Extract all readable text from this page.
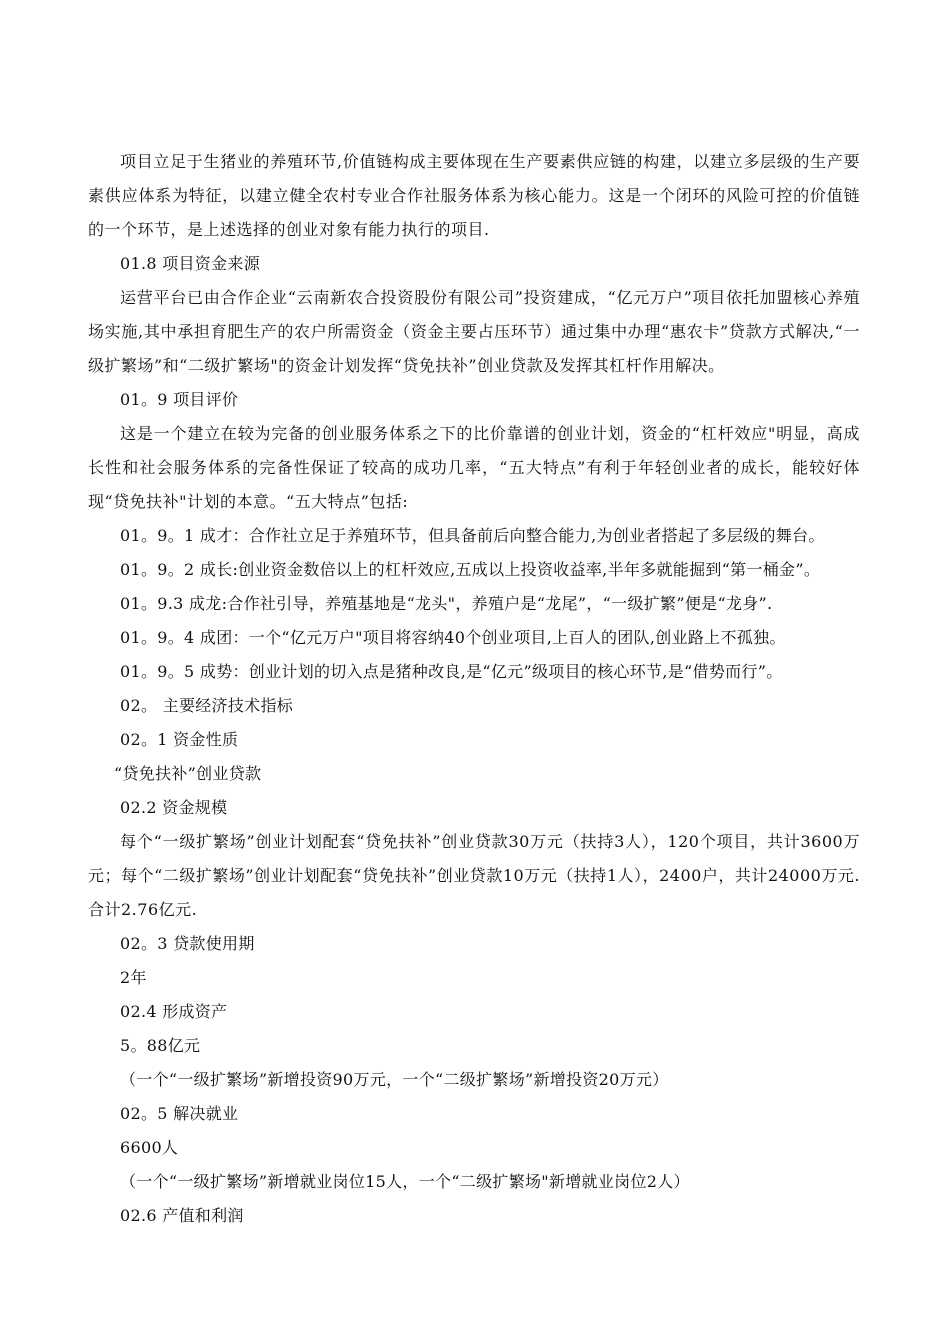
项目立足于生猪业的养殖环节,价值链构成主要体现在生产要素供应链的构建，以建立多层级的生产要素供应体系为特征，以建立健全农村专业合作社服务体系为核心能力。这是一个闭环的风险可控的价值链的一个环节，是上述选择的创业对象有能力执行的项目.

01.8 项目资金来源

运营平台已由合作企业“云南新农合投资股份有限公司”投资建成，“亿元万户”项目依托加盟核心养殖场实施,其中承担育肥生产的农户所需资金（资金主要占压环节）通过集中办理“惠农卡”贷款方式解决,“一级扩繁场”和“二级扩繁场"的资金计划发挥“贷免扶补”创业贷款及发挥其杠杆作用解决。

01。9 项目评价

这是一个建立在较为完备的创业服务体系之下的比价靠谱的创业计划，资金的“杠杆效应"明显，高成长性和社会服务体系的完备性保证了较高的成功几率，“五大特点”有利于年轻创业者的成长，能较好体现“贷免扶补"计划的本意。“五大特点”包括:

01。9。1 成才：合作社立足于养殖环节，但具备前后向整合能力,为创业者搭起了多层级的舞台。

01。9。2 成长:创业资金数倍以上的杠杆效应,五成以上投资收益率,半年多就能掘到“第一桶金”。

01。9.3 成龙:合作社引导，养殖基地是“龙头"，养殖户是“龙尾”，“一级扩繁”便是“龙身”.

01。9。4 成团：一个“亿元万户"项目将容纳40个创业项目,上百人的团队,创业路上不孤独。

01。9。5 成势：创业计划的切入点是猪种改良,是“亿元”级项目的核心环节,是“借势而行”。

02。 主要经济技术指标

02。1 资金性质

“贷免扶补”创业贷款

02.2 资金规模

每个“一级扩繁场”创业计划配套“贷免扶补”创业贷款30万元（扶持3人），120个项目，共计3600万元；每个“二级扩繁场”创业计划配套“贷免扶补”创业贷款10万元（扶持1人），2400户，共计24000万元.合计2.76亿元.

02。3 贷款使用期

2年

02.4 形成资产

5。88亿元

（一个“一级扩繁场”新增投资90万元，一个“二级扩繁场”新增投资20万元）

02。5 解决就业

6600人

（一个“一级扩繁场”新增就业岗位15人，一个“二级扩繁场"新增就业岗位2人）

02.6 产值和利润
